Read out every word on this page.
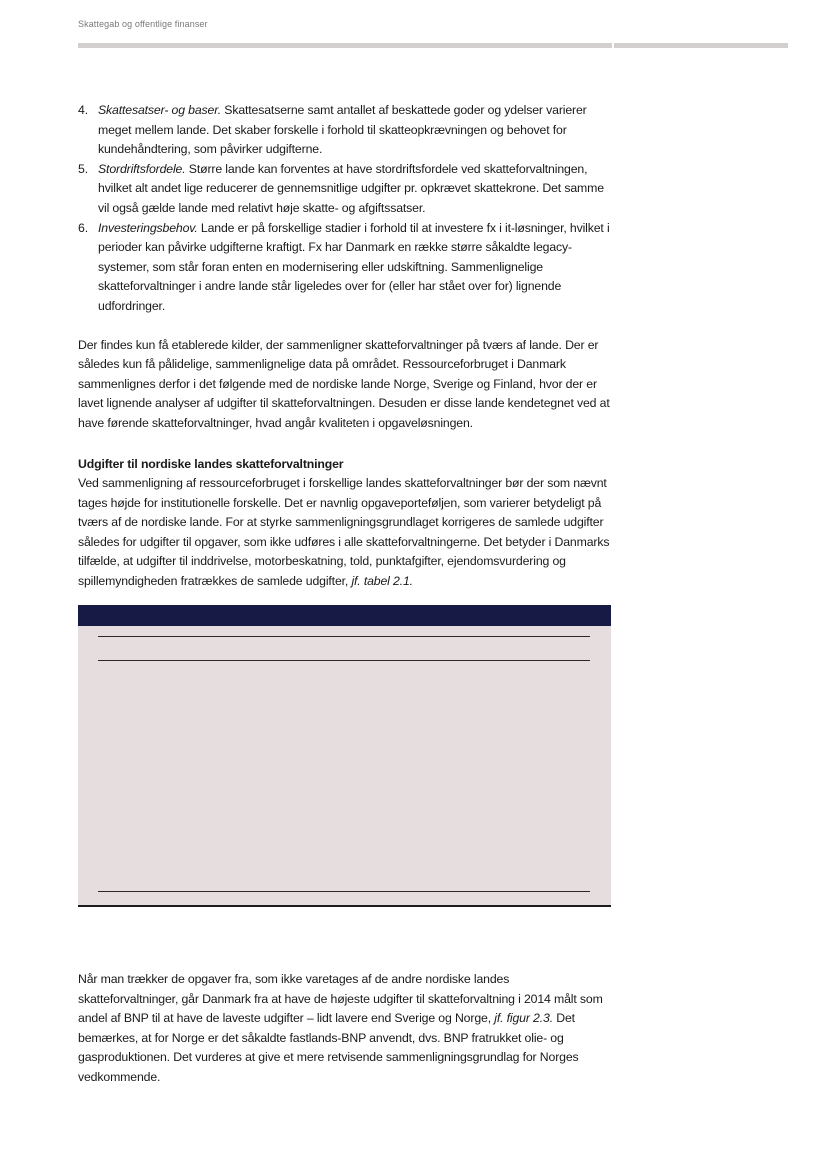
Skattegab og offentlige finanser
4. Skattesatser- og baser. Skattesatserne samt antallet af beskattede goder og ydelser varierer meget mellem lande. Det skaber forskelle i forhold til skatteopkrævningen og behovet for kundehåndtering, som påvirker udgifterne.
5. Stordriftsfordele. Større lande kan forventes at have stordriftsfordele ved skatteforvaltningen, hvilket alt andet lige reducerer de gennemsnitlige udgifter pr. opkrævet skattekrone. Det samme vil også gælde lande med relativt høje skatte- og afgiftssatser.
6. Investeringsbehov. Lande er på forskellige stadier i forhold til at investere fx i it-løsninger, hvilket i perioder kan påvirke udgifterne kraftigt. Fx har Danmark en række større såkaldte legacy-systemer, som står foran enten en modernisering eller udskiftning. Sammenlignelige skatteforvaltninger i andre lande står ligeledes over for (eller har stået over for) lignende udfordringer.

Der findes kun få etablerede kilder, der sammenligner skatteforvaltninger på tværs af lande. Der er således kun få pålidelige, sammenlignelige data på området. Ressourceforbruget i Danmark sammenlignes derfor i det følgende med de nordiske lande Norge, Sverige og Finland, hvor der er lavet lignende analyser af udgifter til skatteforvaltningen. Desuden er disse lande kendetegnet ved at have førende skatteforvaltninger, hvad angår kvaliteten i opgaveløsningen.

Udgifter til nordiske landes skatteforvaltninger

Ved sammenligning af ressourceforbruget i forskellige landes skatteforvaltninger bør der som nævnt tages højde for institutionelle forskelle. Det er navnlig opgaveporteføljen, som varierer betydeligt på tværs af de nordiske lande. For at styrke sammenligningsgrundlaget korrigeres de samlede udgifter således for udgifter til opgaver, som ikke udføres i alle skatteforvaltningerne. Det betyder i Danmarks tilfælde, at udgifter til inddrivelse, motorbeskatning, told, punktafgifter, ejendomsvurdering og spillemyndigheden fratrækkes de samlede udgifter, jf. tabel 2.1.

Når man trækker de opgaver fra, som ikke varetages af de andre nordiske landes skatteforvaltninger, går Danmark fra at have de højeste udgifter til skatteforvaltning i 2014 målt som andel af BNP til at have de laveste udgifter – lidt lavere end Sverige og Norge, jf. figur 2.3. Det bemærkes, at for Norge er det såkaldte fastlands-BNP anvendt, dvs. BNP fratrukket olie- og gasproduktionen. Det vurderes at give et mere retvisende sammenligningsgrundlag for Norges vedkommende.
